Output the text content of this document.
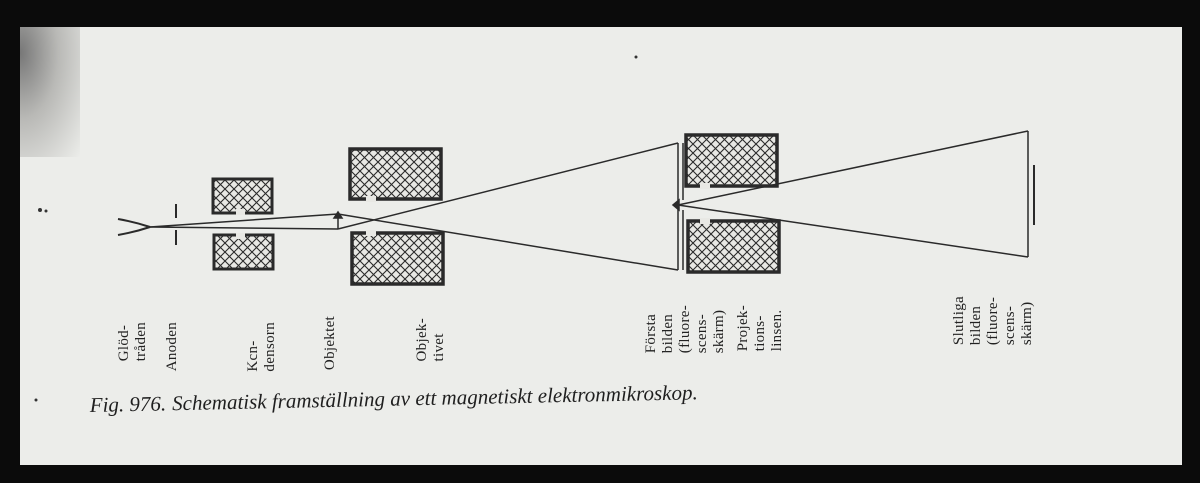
Glöd- tråden Anoden	Kcn- densorn	Objektet	Objek- tivet	Första bilden (fluore- scens- skärm) Projek- tions- linsen.	Slutliga bilden (fluore- scens- skärm)
Fig. 976. Schematisk framställning av ett magnetiskt elektronmikroskop.
